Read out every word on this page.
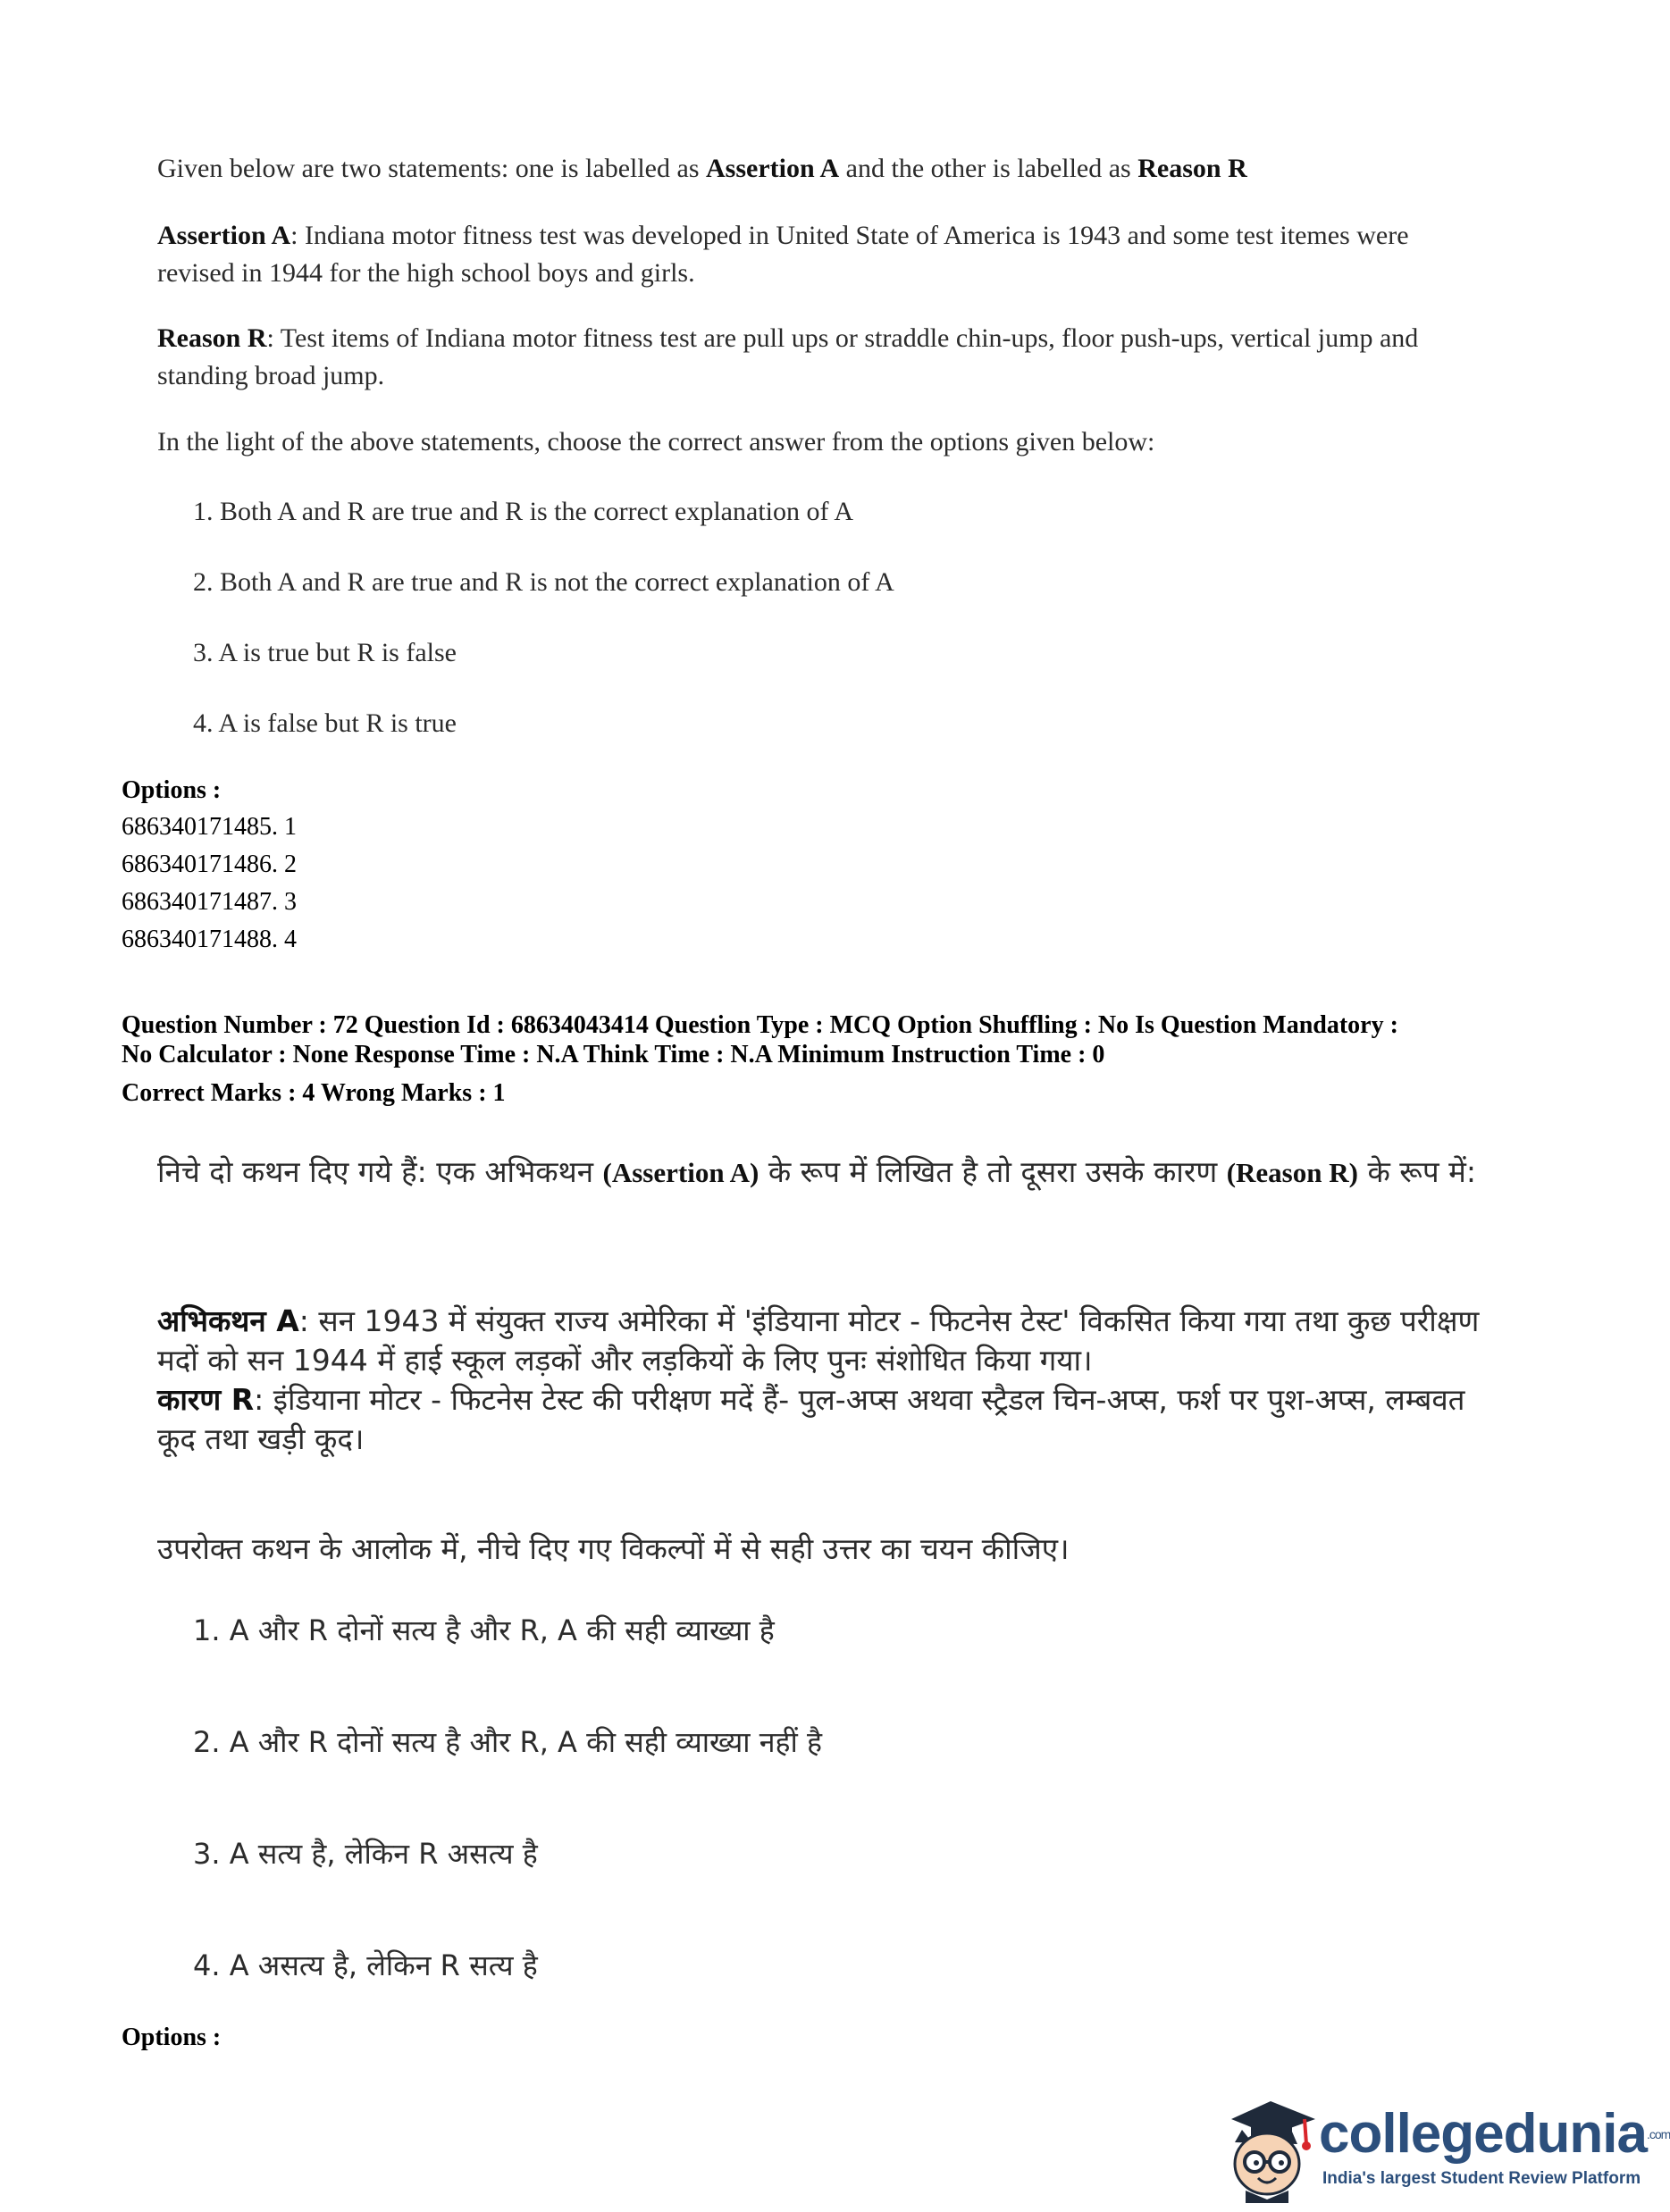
Given below are two statements: one is labelled as Assertion A and the other is labelled as Reason R
Assertion A: Indiana motor fitness test was developed in United State of America is 1943 and some test itemes were revised in 1944 for the high school boys and girls.
Reason R: Test items of Indiana motor fitness test are pull ups or straddle chin-ups, floor push-ups, vertical jump and standing broad jump.
In the light of the above statements, choose the correct answer from the options given below:
1. Both A and R are true and R is the correct explanation of A
2. Both A and R are true and R is not the correct explanation of A
3. A is true but R is false
4. A is false but R is true
Options :
686340171485. 1
686340171486. 2
686340171487. 3
686340171488. 4
Question Number : 72 Question Id : 68634043414 Question Type : MCQ Option Shuffling : No Is Question Mandatory :
No Calculator : None Response Time : N.A Think Time : N.A Minimum Instruction Time : 0
Correct Marks : 4 Wrong Marks : 1
निचे दो कथन दिए गये हैं: एक अभिकथन (Assertion A) के रूप में लिखित है तो दूसरा उसके कारण (Reason R) के रूप में:
अभिकथन A: सन 1943 में संयुक्त राज्य अमेरिका में 'इंडियाना मोटर - फिटनेस टेस्ट' विकसित किया गया तथा कुछ परीक्षण मदों को सन 1944 में हाई स्कूल लड़कों और लड़कियों के लिए पुनः संशोधित किया गया।
कारण R: इंडियाना मोटर - फिटनेस टेस्ट की परीक्षण मदें हैं- पुल-अप्स अथवा स्ट्रैडल चिन-अप्स, फर्श पर पुश-अप्स, लम्बवत कूद तथा खड़ी कूद।
उपरोक्त कथन के आलोक में, नीचे दिए गए विकल्पों में से सही उत्तर का चयन कीजिए।
1. A और R दोनों सत्य है और R, A की सही व्याख्या है
2. A और R दोनों सत्य है और R, A की सही व्याख्या नहीं है
3. A सत्य है, लेकिन R असत्य है
4. A असत्य है, लेकिन R सत्य है
Options :
collegedunia$^{.com}$
India's largest Student Review Platform
